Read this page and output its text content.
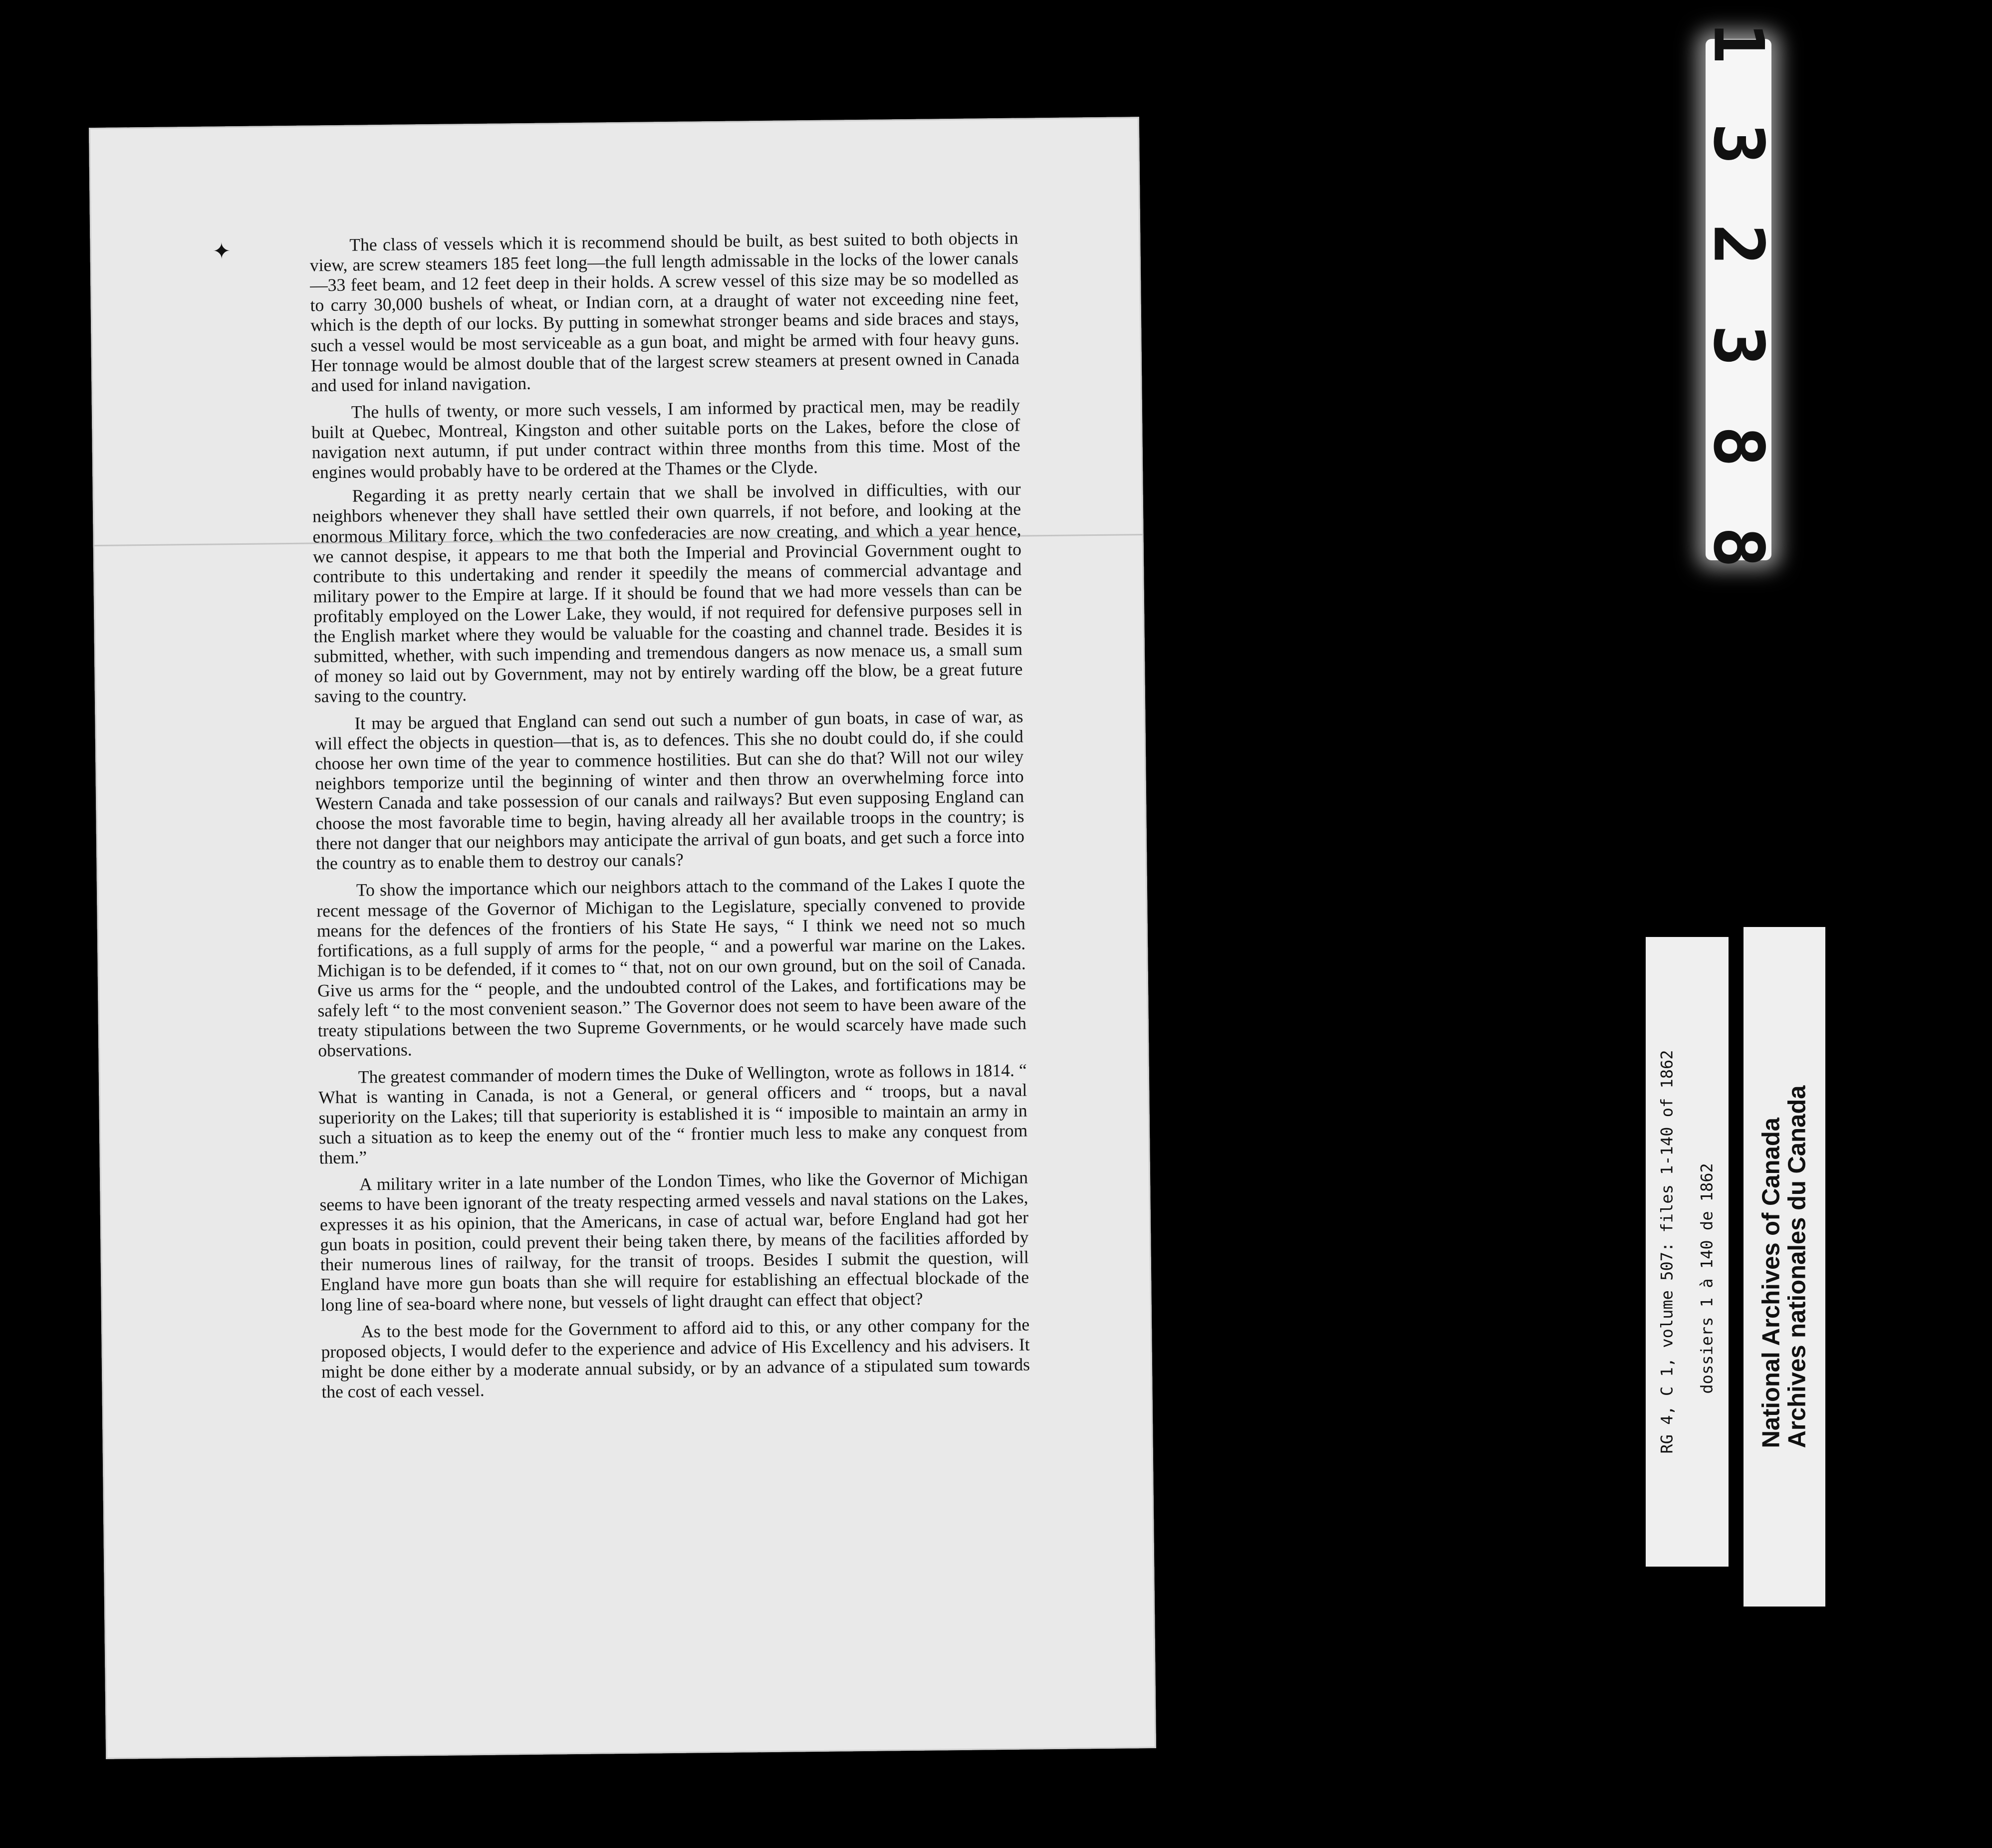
✦	The class of vessels which it is recommend should be built, as best suited to both objects in view, are screw steamers 185 feet long—the full length admissable in the locks of the lower canals—33 feet beam, and 12 feet deep in their holds. A screw vessel of this size may be so modelled as to carry 30,000 bushels of wheat, or Indian corn, at a draught of water not exceeding nine feet, which is the depth of our locks. By putting in somewhat stronger beams and side braces and stays, such a vessel would be most serviceable as a gun boat, and might be armed with four heavy guns. Her tonnage would be almost double that of the largest screw steamers at present owned in Canada and used for inland navigation.

The hulls of twenty, or more such vessels, I am informed by practical men, may be readily built at Quebec, Montreal, Kingston and other suitable ports on the Lakes, before the close of navigation next autumn, if put under contract within three months from this time. Most of the engines would probably have to be ordered at the Thames or the Clyde.

Regarding it as pretty nearly certain that we shall be involved in difficulties, with our neighbors whenever they shall have settled their own quarrels, if not before, and looking at the enormous Military force, which the two confederacies are now creating, and which a year hence, we cannot despise, it appears to me that both the Imperial and Provincial Government ought to contribute to this undertaking and render it speedily the means of commercial advantage and military power to the Empire at large. If it should be found that we had more vessels than can be profitably employed on the Lower Lake, they would, if not required for defensive purposes sell in the English market where they would be valuable for the coasting and channel trade. Besides it is submitted, whether, with such impending and tremendous dangers as now menace us, a small sum of money so laid out by Government, may not by entirely warding off the blow, be a great future saving to the country.

It may be argued that England can send out such a number of gun boats, in case of war, as will effect the objects in question—that is, as to defences. This she no doubt could do, if she could choose her own time of the year to commence hostilities. But can she do that? Will not our wiley neighbors temporize until the beginning of winter and then throw an overwhelming force into Western Canada and take possession of our canals and railways? But even supposing England can choose the most favorable time to begin, having already all her available troops in the country; is there not danger that our neighbors may anticipate the arrival of gun boats, and get such a force into the country as to enable them to destroy our canals?

To show the importance which our neighbors attach to the command of the Lakes I quote the recent message of the Governor of Michigan to the Legislature, specially convened to provide means for the defences of the frontiers of his State He says, “ I think we need not so much fortifications, as a full supply of arms for the people, “ and a powerful war marine on the Lakes. Michigan is to be defended, if it comes to “ that, not on our own ground, but on the soil of Canada. Give us arms for the “ people, and the undoubted control of the Lakes, and fortifications may be safely left “ to the most convenient season.” The Governor does not seem to have been aware of the treaty stipulations between the two Supreme Governments, or he would scarcely have made such observations.

The greatest commander of modern times the Duke of Wellington, wrote as follows in 1814. “ What is wanting in Canada, is not a General, or general officers and “ troops, but a naval superiority on the Lakes; till that superiority is established it is “ imposible to maintain an army in such a situation as to keep the enemy out of the “ frontier much less to make any conquest from them.”

A military writer in a late number of the London Times, who like the Governor of Michigan seems to have been ignorant of the treaty respecting armed vessels and naval stations on the Lakes, expresses it as his opinion, that the Americans, in case of actual war, before England had got her gun boats in position, could prevent their being taken there, by means of the facilities afforded by their numerous lines of railway, for the transit of troops. Besides I submit the question, will England have more gun boats than she will require for establishing an effectual blockade of the long line of sea-board where none, but vessels of light draught can effect that object?

As to the best mode for the Government to afford aid to this, or any other company for the proposed objects, I would defer to the experience and advice of His Excellency and his advisers. It might be done either by a moderate annual subsidy, or by an advance of a stipulated sum towards the cost of each vessel.

1 3 2 3 8 8
RG 4, C 1, volume 507: files 1-140 of 1862	dossiers 1 à 140 de 1862	National Archives of Canada
Archives nationales du Canada
